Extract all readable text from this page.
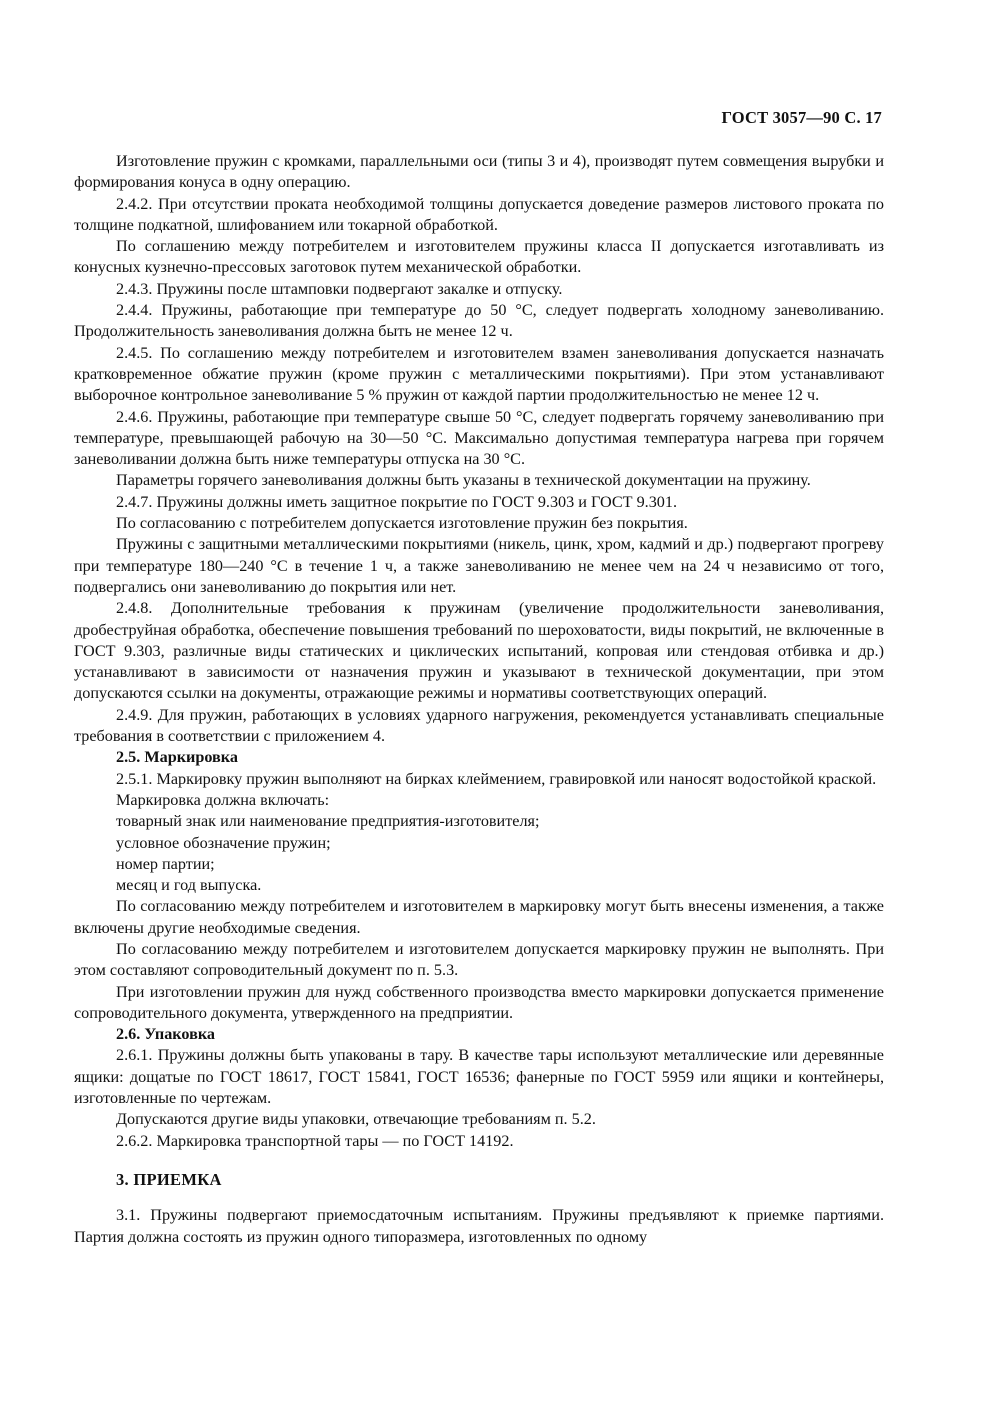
ГОСТ 3057—90 С. 17

Изготовление пружин с кромками, параллельными оси (типы 3 и 4), производят путем совмещения вырубки и формирования конуса в одну операцию.

2.4.2. При отсутствии проката необходимой толщины допускается доведение размеров листового проката по толщине подкатной, шлифованием или токарной обработкой.

По соглашению между потребителем и изготовителем пружины класса II допускается изготавливать из конусных кузнечно-прессовых заготовок путем механической обработки.

2.4.3. Пружины после штамповки подвергают закалке и отпуску.

2.4.4. Пружины, работающие при температуре до 50 °С, следует подвергать холодному заневоливанию. Продолжительность заневоливания должна быть не менее 12 ч.

2.4.5. По соглашению между потребителем и изготовителем взамен заневоливания допускается назначать кратковременное обжатие пружин (кроме пружин с металлическими покрытиями). При этом устанавливают выборочное контрольное заневоливание 5 % пружин от каждой партии продолжительностью не менее 12 ч.

2.4.6. Пружины, работающие при температуре свыше 50 °С, следует подвергать горячему заневоливанию при температуре, превышающей рабочую на 30—50 °С. Максимально допустимая температура нагрева при горячем заневоливании должна быть ниже температуры отпуска на 30 °С.

Параметры горячего заневоливания должны быть указаны в технической документации на пружину.

2.4.7. Пружины должны иметь защитное покрытие по ГОСТ 9.303 и ГОСТ 9.301.

По согласованию с потребителем допускается изготовление пружин без покрытия.

Пружины с защитными металлическими покрытиями (никель, цинк, хром, кадмий и др.) подвергают прогреву при температуре 180—240 °С в течение 1 ч, а также заневоливанию не менее чем на 24 ч независимо от того, подвергались они заневоливанию до покрытия или нет.

2.4.8. Дополнительные требования к пружинам (увеличение продолжительности заневоливания, дробеструйная обработка, обеспечение повышения требований по шероховатости, виды покрытий, не включенные в ГОСТ 9.303, различные виды статических и циклических испытаний, копровая или стендовая отбивка и др.) устанавливают в зависимости от назначения пружин и указывают в технической документации, при этом допускаются ссылки на документы, отражающие режимы и нормативы соответствующих операций.

2.4.9. Для пружин, работающих в условиях ударного нагружения, рекомендуется устанавливать специальные требования в соответствии с приложением 4.

2.5. Маркировка

2.5.1. Маркировку пружин выполняют на бирках клеймением, гравировкой или наносят водостойкой краской.

Маркировка должна включать:

товарный знак или наименование предприятия-изготовителя;

условное обозначение пружин;

номер партии;

месяц и год выпуска.

По согласованию между потребителем и изготовителем в маркировку могут быть внесены изменения, а также включены другие необходимые сведения.

По согласованию между потребителем и изготовителем допускается маркировку пружин не выполнять. При этом составляют сопроводительный документ по п. 5.3.

При изготовлении пружин для нужд собственного производства вместо маркировки допускается применение сопроводительного документа, утвержденного на предприятии.

2.6. Упаковка

2.6.1. Пружины должны быть упакованы в тару. В качестве тары используют металлические или деревянные ящики: дощатые по ГОСТ 18617, ГОСТ 15841, ГОСТ 16536; фанерные по ГОСТ 5959 или ящики и контейнеры, изготовленные по чертежам.

Допускаются другие виды упаковки, отвечающие требованиям п. 5.2.

2.6.2. Маркировка транспортной тары — по ГОСТ 14192.

3. ПРИЕМКА

3.1. Пружины подвергают приемосдаточным испытаниям. Пружины предъявляют к приемке партиями. Партия должна состоять из пружин одного типоразмера, изготовленных по одному
